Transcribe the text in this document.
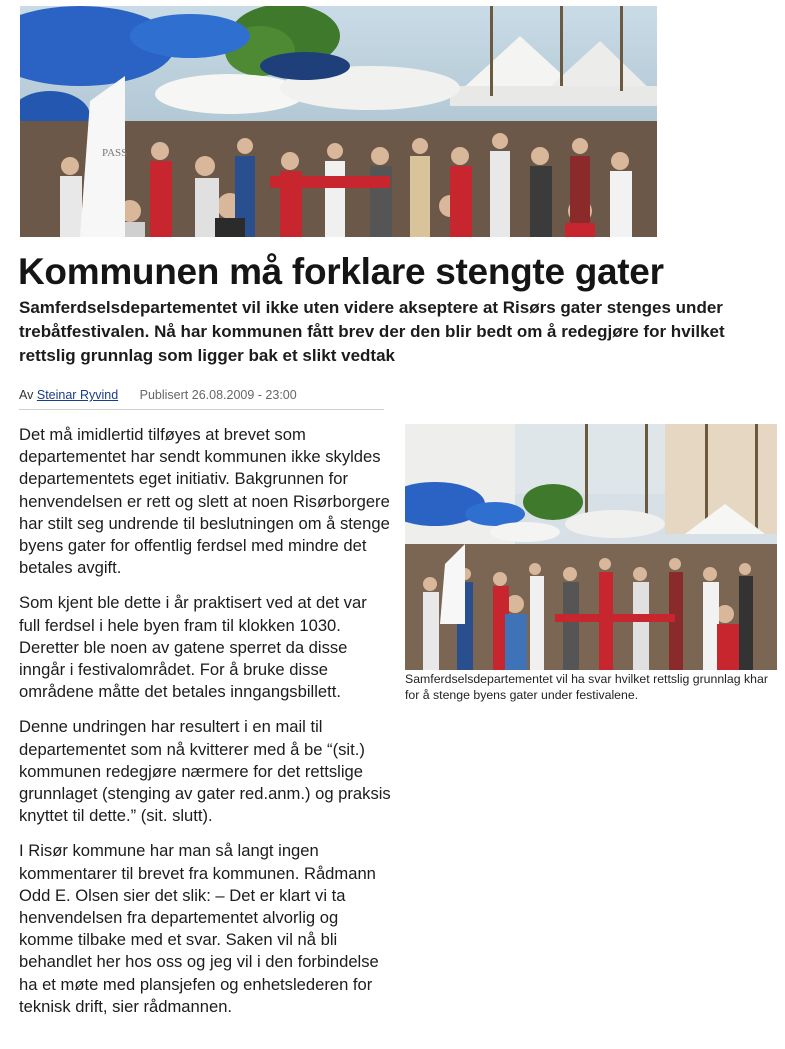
PASS
Kommunen må forklare stengte gater

Samferdselsdepartementet vil ikke uten videre akseptere at Risørs gater stenges under trebåtfestivalen. Nå har kommunen fått brev der den blir bedt om å redegjøre for hvilket rettslig grunnlag som ligger bak et slikt vedtak

Av Steinar Ryvind Publisert 26.08.2009 - 23:00

Det må imidlertid tilføyes at brevet som departementet har sendt kommunen ikke skyldes departementets eget initiativ. Bakgrunnen for henvendelsen er rett og slett at noen Risørborgere har stilt seg undrende til beslutningen om å stenge byens gater for offentlig ferdsel med mindre det betales avgift.

Som kjent ble dette i år praktisert ved at det var full ferdsel i hele byen fram til klokken 1030. Deretter ble noen av gatene sperret da disse inngår i festivalområdet. For å bruke disse områdene måtte det betales inngangsbillett.

Denne undringen har resultert i en mail til departementet som nå kvitterer med å be “(sit.) kommunen redegjøre nærmere for det rettslige grunnlaget (stenging av gater red.anm.) og praksis knyttet til dette.” (sit. slutt).

I Risør kommune har man så langt ingen kommentarer til brevet fra kommunen. Rådmann Odd E. Olsen sier det slik: – Det er klart vi ta henvendelsen fra departementet alvorlig og komme tilbake med et svar. Saken vil nå bli behandlet her hos oss og jeg vil i den forbindelse ha et møte med plansjefen og enhetslederen for teknisk drift, sier rådmannen.

Samferdselsdepartementet vil ha svar hvilket rettslig grunnlag khar for å stenge byens gater under festivalene.
